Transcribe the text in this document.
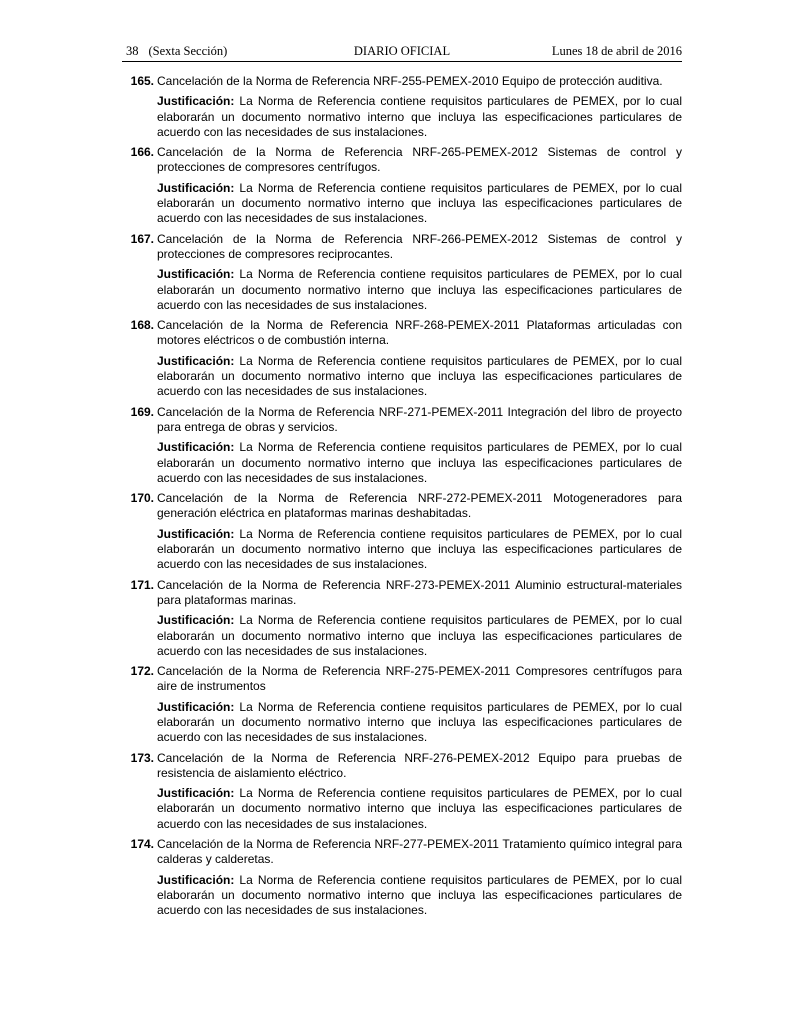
38 (Sexta Sección)	DIARIO OFICIAL	Lunes 18 de abril de 2016
165. Cancelación de la Norma de Referencia NRF-255-PEMEX-2010 Equipo de protección auditiva.
Justificación: La Norma de Referencia contiene requisitos particulares de PEMEX, por lo cual elaborarán un documento normativo interno que incluya las especificaciones particulares de acuerdo con las necesidades de sus instalaciones.
166. Cancelación de la Norma de Referencia NRF-265-PEMEX-2012 Sistemas de control y protecciones de compresores centrífugos.
Justificación: La Norma de Referencia contiene requisitos particulares de PEMEX, por lo cual elaborarán un documento normativo interno que incluya las especificaciones particulares de acuerdo con las necesidades de sus instalaciones.
167. Cancelación de la Norma de Referencia NRF-266-PEMEX-2012 Sistemas de control y protecciones de compresores reciprocantes.
Justificación: La Norma de Referencia contiene requisitos particulares de PEMEX, por lo cual elaborarán un documento normativo interno que incluya las especificaciones particulares de acuerdo con las necesidades de sus instalaciones.
168. Cancelación de la Norma de Referencia NRF-268-PEMEX-2011 Plataformas articuladas con motores eléctricos o de combustión interna.
Justificación: La Norma de Referencia contiene requisitos particulares de PEMEX, por lo cual elaborarán un documento normativo interno que incluya las especificaciones particulares de acuerdo con las necesidades de sus instalaciones.
169. Cancelación de la Norma de Referencia NRF-271-PEMEX-2011 Integración del libro de proyecto para entrega de obras y servicios.
Justificación: La Norma de Referencia contiene requisitos particulares de PEMEX, por lo cual elaborarán un documento normativo interno que incluya las especificaciones particulares de acuerdo con las necesidades de sus instalaciones.
170. Cancelación de la Norma de Referencia NRF-272-PEMEX-2011 Motogeneradores para generación eléctrica en plataformas marinas deshabitadas.
Justificación: La Norma de Referencia contiene requisitos particulares de PEMEX, por lo cual elaborarán un documento normativo interno que incluya las especificaciones particulares de acuerdo con las necesidades de sus instalaciones.
171. Cancelación de la Norma de Referencia NRF-273-PEMEX-2011 Aluminio estructural-materiales para plataformas marinas.
Justificación: La Norma de Referencia contiene requisitos particulares de PEMEX, por lo cual elaborarán un documento normativo interno que incluya las especificaciones particulares de acuerdo con las necesidades de sus instalaciones.
172. Cancelación de la Norma de Referencia NRF-275-PEMEX-2011 Compresores centrífugos para aire de instrumentos
Justificación: La Norma de Referencia contiene requisitos particulares de PEMEX, por lo cual elaborarán un documento normativo interno que incluya las especificaciones particulares de acuerdo con las necesidades de sus instalaciones.
173. Cancelación de la Norma de Referencia NRF-276-PEMEX-2012 Equipo para pruebas de resistencia de aislamiento eléctrico.
Justificación: La Norma de Referencia contiene requisitos particulares de PEMEX, por lo cual elaborarán un documento normativo interno que incluya las especificaciones particulares de acuerdo con las necesidades de sus instalaciones.
174. Cancelación de la Norma de Referencia NRF-277-PEMEX-2011 Tratamiento químico integral para calderas y calderetas.
Justificación: La Norma de Referencia contiene requisitos particulares de PEMEX, por lo cual elaborarán un documento normativo interno que incluya las especificaciones particulares de acuerdo con las necesidades de sus instalaciones.
